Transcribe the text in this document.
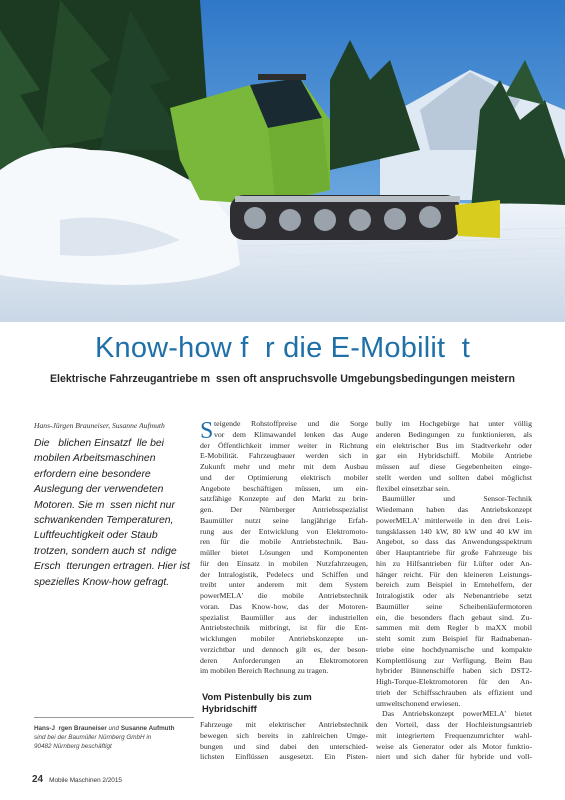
Know-how f  r die E-Mobilit  t
Elektrische Fahrzeugantriebe m  ssen oft anspruchsvolle Umgebungsbedingungen meistern
Hans-Jürgen Brauneiser, Susanne Aufmuth
Die   blichen Einsatzf  lle bei
mobilen Arbeitsmaschinen
erfordern eine besondere
Auslegung der verwendeten
Motoren. Sie m  ssen nicht nur
schwankenden Temperaturen,
Luftfeuchtigkeit oder Staub
trotzen, sondern auch st  ndige
Ersch  tterungen ertragen. Hier ist
spezielles Know-how gefragt.
Hans-J  rgen Brauneiser und Susanne Aufmuth
sind bei der Baumüller Nürnberg GmbH in
90482 Nürnberg beschäftigt
S teigende Rohstoffpreise und die Sorge
vor dem Klimawandel lenken das Auge
der Öffentlichkeit immer weiter in Richtung
E-Mobilität. Fahrzeugbauer werden sich in
Zukunft mehr und mehr mit dem Ausbau
und der Optimierung elektrisch mobiler
Angebote beschäftigen müssen, um ein-
satzfähige Konzepte auf den Markt zu brin-
gen. Der Nürnberger Antriebsspezialist
Baumüller nutzt seine langjährige Erfah-
rung aus der Entwicklung von Elektromoto-
ren für die mobile Antriebstechnik. Bau-
müller bietet Lösungen und Komponenten
für den Einsatz in mobilen Nutzfahrzeugen,
der Intralogistik, Pedelecs und Schiffen und
treibt unter anderem mit dem System
powerMELA' die mobile Antriebstechnik
voran. Das Know-how, das der Motoren-
spezialist Baumüller aus der industriellen
Antriebstechnik mitbringt, ist für die Ent-
wicklungen mobiler Antriebskonzepte un-
verzichtbar und dennoch gilt es, der beson-
deren Anforderungen an Elektromotoren
im mobilen Bereich Rechnung zu tragen.
Vom Pistenbully bis zum
Hybridschiff
Fahrzeuge mit elektrischer Antriebstechnik
bewegen sich bereits in zahlreichen Umge-
bungen und sind dabei den unterschied-
lichsten Einflüssen ausgesetzt. Ein Pisten-
bully im Hochgebirge hat unter völlig
anderen Bedingungen zu funktionieren, als
ein elektrischer Bus im Stadtverkehr oder
gar ein Hybridschiff. Mobile Antriebe
müssen auf diese Gegebenheiten einge-
stellt werden und sollten dabei möglichst
flexibel einsetzbar sein.
Baumüller und Sensor-Technik
Wiedemann haben das Antriebskonzept
powerMELA' mittlerweile in den drei Leis-
tungsklassen 140 kW, 80 kW und 40 kW im
Angebot, so dass das Anwendungsspektrum
über Hauptantriebe für große Fahrzeuge bis
hin zu Hilfsantrieben für Lüfter oder An-
hänger reicht. Für den kleineren Leistungs-
bereich zum Beispiel in Erntehelfern, der
Intralogistik oder als Nebenantriebe setzt
Baumüller seine Scheibenläufermotoren
ein, die besonders flach gebaut sind. Zu-
sammen mit dem Regler b maXX mobil
steht somit zum Beispiel für Radnabenan-
triebe eine hochdynamische und kompakte
Komplettlösung zur Verfügung. Beim Bau
hybrider Binnenschiffe haben sich DST2-
High-Torque-Elektromotoren für den An-
trieb der Schiffsschrauben als effizient und
umweltschonend erwiesen.
Das Antriebskonzept powerMELA' bietet
den Vorteil, dass der Hochleistungsantrieb
mit integriertem Frequenzumrichter wahl-
weise als Generator oder als Motor funktio-
niert und sich daher für hybride und voll-
24 Mobile Maschinen 2/2015
